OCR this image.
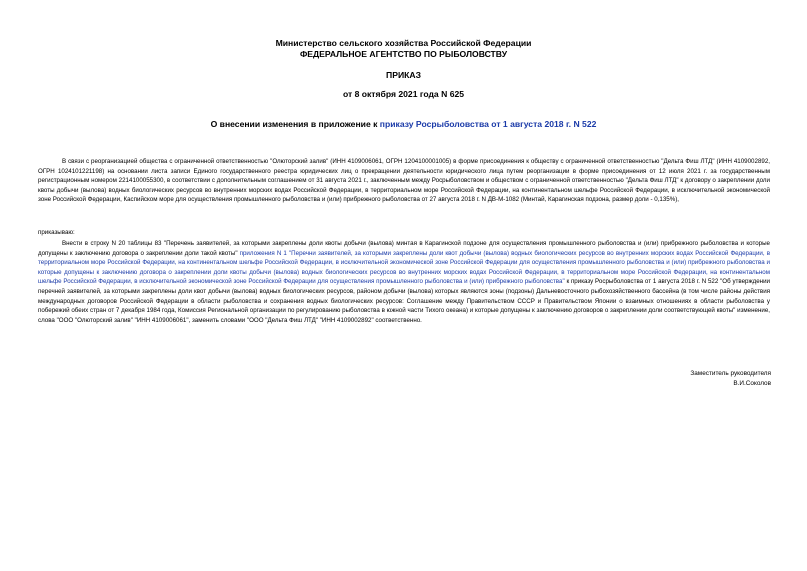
Министерство сельского хозяйства Российской Федерации
ФЕДЕРАЛЬНОЕ АГЕНТСТВО ПО РЫБОЛОВСТВУ
ПРИКАЗ
от 8 октября 2021 года N 625
О внесении изменения в приложение к приказу Росрыболовства от 1 августа 2018 г. N 522
В связи с реорганизацией общества с ограниченной ответственностью "Олюторский залив" (ИНН 4109006061, ОГРН 1204100001005) в форме присоединения к обществу с ограниченной ответственностью "Дельта Фиш ЛТД" (ИНН 4109002892, ОГРН 1024101221198) на основании листа записи Единого государственного реестра юридических лиц о прекращении деятельности юридического лица путем реорганизации в форме присоединения от 12 июля 2021 г. за государственным регистрационным номером 2214100055300, в соответствии с дополнительным соглашением от 31 августа 2021 г., заключенным между Росрыболовством и обществом с ограниченной ответственностью "Дельта Фиш ЛТД" к договору о закреплении доли квоты добычи (вылова) водных биологических ресурсов во внутренних морских водах Российской Федерации, в территориальном море Российской Федерации, на континентальном шельфе Российской Федерации, в исключительной экономической зоне Российской Федерации, Каспийском море для осуществления промышленного рыболовства и (или) прибрежного рыболовства от 27 августа 2018 г. N ДВ-М-1082 (Минтай, Карагинская подзона, размер доли - 0,135%),
приказываю:
Внести в строку N 20 таблицы 83 "Перечень заявителей, за которыми закреплены доли квоты добычи (вылова) минтая в Карагинской подзоне для осуществления промышленного рыболовства и (или) прибрежного рыболовства и которые допущены к заключению договора о закреплении доли такой квоты" приложения N 1 "Перечни заявителей, за которыми закреплены доли квот добычи (вылова) водных биологических ресурсов во внутренних морских водах Российской Федерации, в территориальном море Российской Федерации, на континентальном шельфе Российской Федерации, в исключительной экономической зоне Российской Федерации для осуществления промышленного рыболовства и (или) прибрежного рыболовства и которые допущены к заключению договора о закреплении доли квоты добычи (вылова) водных биологических ресурсов во внутренних морских водах Российской Федерации, в территориальном море Российской Федерации, на континентальном шельфе Российской Федерации, в исключительной экономической зоне Российской Федерации для осуществления промышленного рыболовства и (или) прибрежного рыболовства" к приказу Росрыболовства от 1 августа 2018 г. N 522 "Об утверждении перечней заявителей, за которыми закреплены доли квот добычи (вылова) водных биологических ресурсов, районом добычи (вылова) которых являются зоны (подзоны) Дальневосточного рыбохозяйственного бассейна (в том числе районы действия международных договоров Российской Федерации в области рыболовства и сохранения водных биологических ресурсов: Соглашение между Правительством СССР и Правительством Японии о взаимных отношениях в области рыболовства у побережий обеих стран от 7 декабря 1984 года, Комиссия Региональной организации по регулированию рыболовства в южной части Тихого океана) и которые допущены к заключению договоров о закреплении доли соответствующей квоты" изменение, слова "ООО "Олюторский залив" "ИНН 4109006061", заменить словами "ООО "Дельта Фиш ЛТД" "ИНН 4109002892" соответственно.
Заместитель руководителя
В.И.Соколов
